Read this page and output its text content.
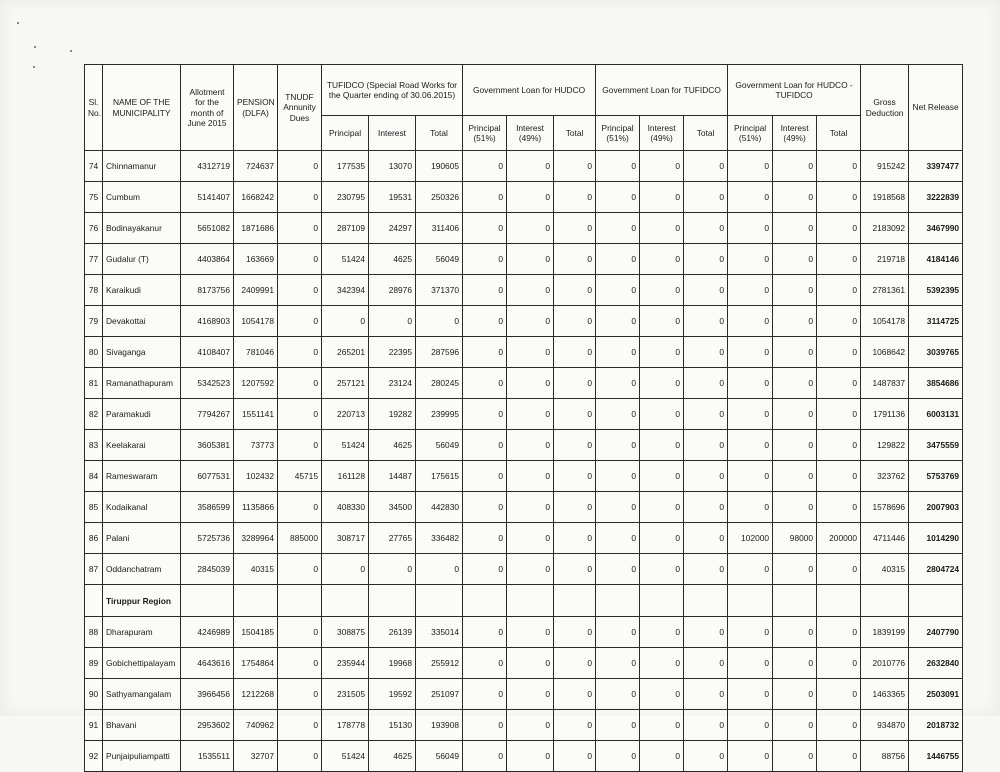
Sl. No.	NAME OF THE MUNICIPALITY	Allotment for the month of June 2015	PENSION (DLFA)	TNUDF Annunity Dues	TUFIDCO (Special Road Works for the Quarter ending of 30.06.2015)			Government Loan for HUDCO			Government Loan for TUFIDCO			Government Loan for HUDCO - TUFIDCO			Gross Deduction	Net Release
					Principal	Interest	Total	Principal (51%)	Interest (49%)	Total	Principal (51%)	Interest (49%)	Total	Principal (51%)	Interest (49%)	Total		
74	Chinnamanur	4312719	724637	0	177535	13070	190605	0	0	0	0	0	0	0	0	0	915242	3397477
75	Cumbum	5141407	1668242	0	230795	19531	250326	0	0	0	0	0	0	0	0	0	1918568	3222839
76	Bodinayakanur	5651082	1871686	0	287109	24297	311406	0	0	0	0	0	0	0	0	0	2183092	3467990
77	Gudalur (T)	4403864	163669	0	51424	4625	56049	0	0	0	0	0	0	0	0	0	219718	4184146
78	Karaikudi	8173756	2409991	0	342394	28976	371370	0	0	0	0	0	0	0	0	0	2781361	5392395
79	Devakottai	4168903	1054178	0	0	0	0	0	0	0	0	0	0	0	0	0	1054178	3114725
80	Sivaganga	4108407	781046	0	265201	22395	287596	0	0	0	0	0	0	0	0	0	1068642	3039765
81	Ramanathapuram	5342523	1207592	0	257121	23124	280245	0	0	0	0	0	0	0	0	0	1487837	3854686
82	Paramakudi	7794267	1551141	0	220713	19282	239995	0	0	0	0	0	0	0	0	0	1791136	6003131
83	Keelakarai	3605381	73773	0	51424	4625	56049	0	0	0	0	0	0	0	0	0	129822	3475559
84	Rameswaram	6077531	102432	45715	161128	14487	175615	0	0	0	0	0	0	0	0	0	323762	5753769
85	Kodaikanal	3586599	1135866	0	408330	34500	442830	0	0	0	0	0	0	0	0	0	1578696	2007903
86	Palani	5725736	3289964	885000	308717	27765	336482	0	0	0	0	0	0	102000	98000	200000	4711446	1014290
87	Oddanchatram	2845039	40315	0	0	0	0	0	0	0	0	0	0	0	0	0	40315	2804724
	Tiruppur Region																	
88	Dharapuram	4246989	1504185	0	308875	26139	335014	0	0	0	0	0	0	0	0	0	1839199	2407790
89	Gobichettipalayam	4643616	1754864	0	235944	19968	255912	0	0	0	0	0	0	0	0	0	2010776	2632840
90	Sathyamangalam	3966456	1212268	0	231505	19592	251097	0	0	0	0	0	0	0	0	0	1463365	2503091
91	Bhavani	2953602	740962	0	178778	15130	193908	0	0	0	0	0	0	0	0	0	934870	2018732
92	Punjaipuliampatti	1535511	32707	0	51424	4625	56049	0	0	0	0	0	0	0	0	0	88756	1446755
